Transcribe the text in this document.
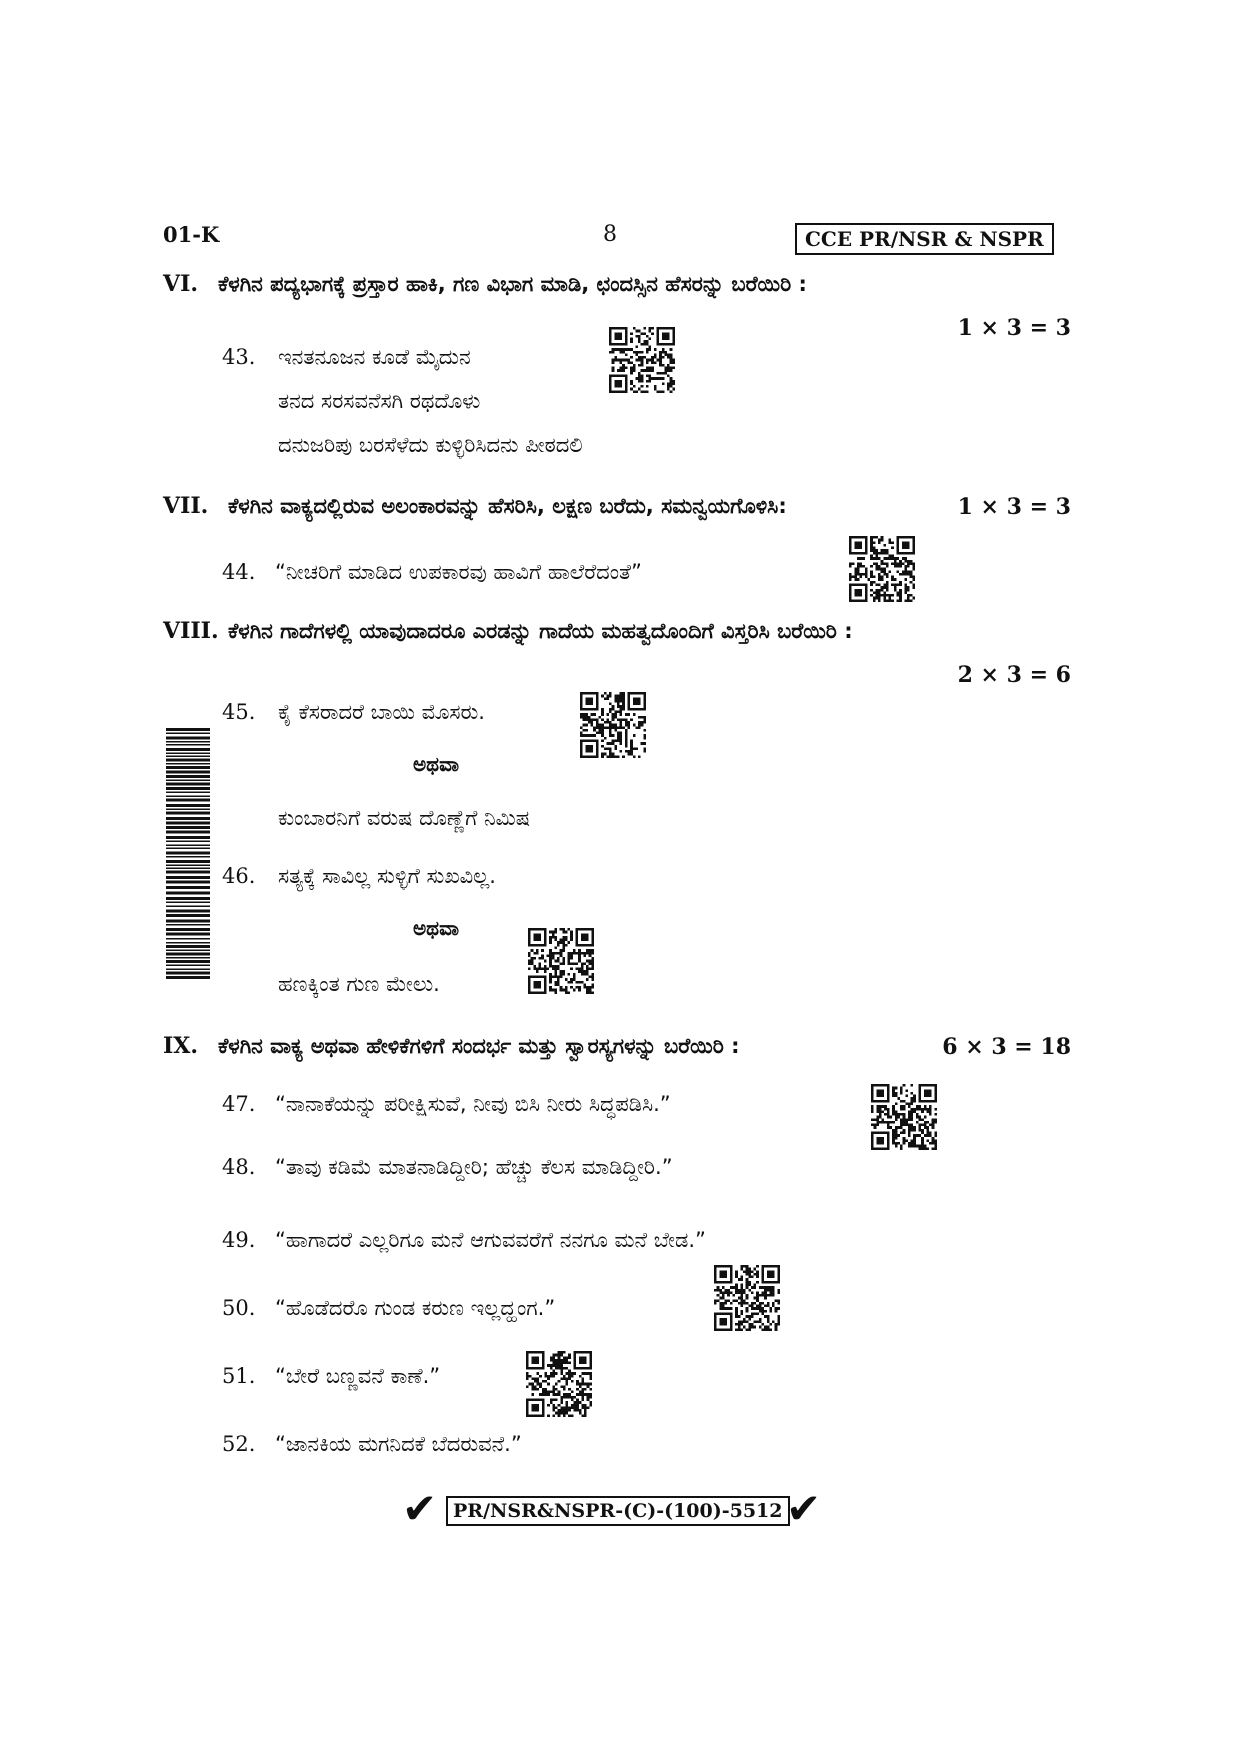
01-K	8	CCE PR/NSR & NSPR
VI. ಕೆಳಗಿನ ಪದ್ಯಭಾಗಕ್ಕೆ ಪ್ರಸ್ತಾರ ಹಾಕಿ, ಗಣ ವಿಭಾಗ ಮಾಡಿ, ಛಂದಸ್ಸಿನ ಹೆಸರನ್ನು ಬರೆಯಿರಿ :
1 × 3 = 3
43. ಇನತನೂಜನ ಕೂಡೆ ಮೈದುನ
ತನದ ಸರಸವನೆಸಗಿ ರಥದೊಳು
ದನುಜರಿಪು ಬರಸೆಳೆದು ಕುಳ್ಳಿರಿಸಿದನು ಪೀಠದಲಿ
VII. ಕೆಳಗಿನ ವಾಕ್ಯದಲ್ಲಿರುವ ಅಲಂಕಾರವನ್ನು ಹೆಸರಿಸಿ, ಲಕ್ಷಣ ಬರೆದು, ಸಮನ್ವಯಗೊಳಿಸಿ:	1 × 3 = 3
44. “ನೀಚರಿಗೆ ಮಾಡಿದ ಉಪಕಾರವು ಹಾವಿಗೆ ಹಾಲೆರೆದಂತೆ”
VIII. ಕೆಳಗಿನ ಗಾದೆಗಳಲ್ಲಿ ಯಾವುದಾದರೂ ಎರಡನ್ನು ಗಾದೆಯ ಮಹತ್ವದೊಂದಿಗೆ ವಿಸ್ತರಿಸಿ ಬರೆಯಿರಿ :
2 × 3 = 6
45. ಕೈ ಕೆಸರಾದರೆ ಬಾಯಿ ಮೊಸರು.
ಅಥವಾ
ಕುಂಬಾರನಿಗೆ ವರುಷ ದೊಣ್ಣೆಗೆ ನಿಮಿಷ
46. ಸತ್ಯಕ್ಕೆ ಸಾವಿಲ್ಲ ಸುಳ್ಳಿಗೆ ಸುಖವಿಲ್ಲ.
ಅಥವಾ
ಹಣಕ್ಕಿಂತ ಗುಣ ಮೇಲು.
IX. ಕೆಳಗಿನ ವಾಕ್ಯ ಅಥವಾ ಹೇಳಿಕೆಗಳಿಗೆ ಸಂದರ್ಭ ಮತ್ತು ಸ್ವಾರಸ್ಯಗಳನ್ನು ಬರೆಯಿರಿ :	6 × 3 = 18
47. “ನಾನಾಕೆಯನ್ನು ಪರೀಕ್ಷಿಸುವೆ, ನೀವು ಬಿಸಿ ನೀರು ಸಿದ್ಧಪಡಿಸಿ.”
48. “ತಾವು ಕಡಿಮೆ ಮಾತನಾಡಿದ್ದೀರಿ; ಹೆಚ್ಚು ಕೆಲಸ ಮಾಡಿದ್ದೀರಿ.”
49. “ಹಾಗಾದರೆ ಎಲ್ಲರಿಗೂ ಮನೆ ಆಗುವವರೆಗೆ ನನಗೂ ಮನೆ ಬೇಡ.”
50. “ಹೊಡೆದರೊ ಗುಂಡ ಕರುಣ ಇಲ್ಲದ್ಹಂಗ.”
51. “ಬೇರೆ ಬಣ್ಣವನೆ ಕಾಣೆ.”
52. “ಜಾನಕಿಯ ಮಗನಿದಕೆ ಬೆದರುವನೆ.”
✔ PR/NSR&NSPR-(C)-(100)-5512 ✔
